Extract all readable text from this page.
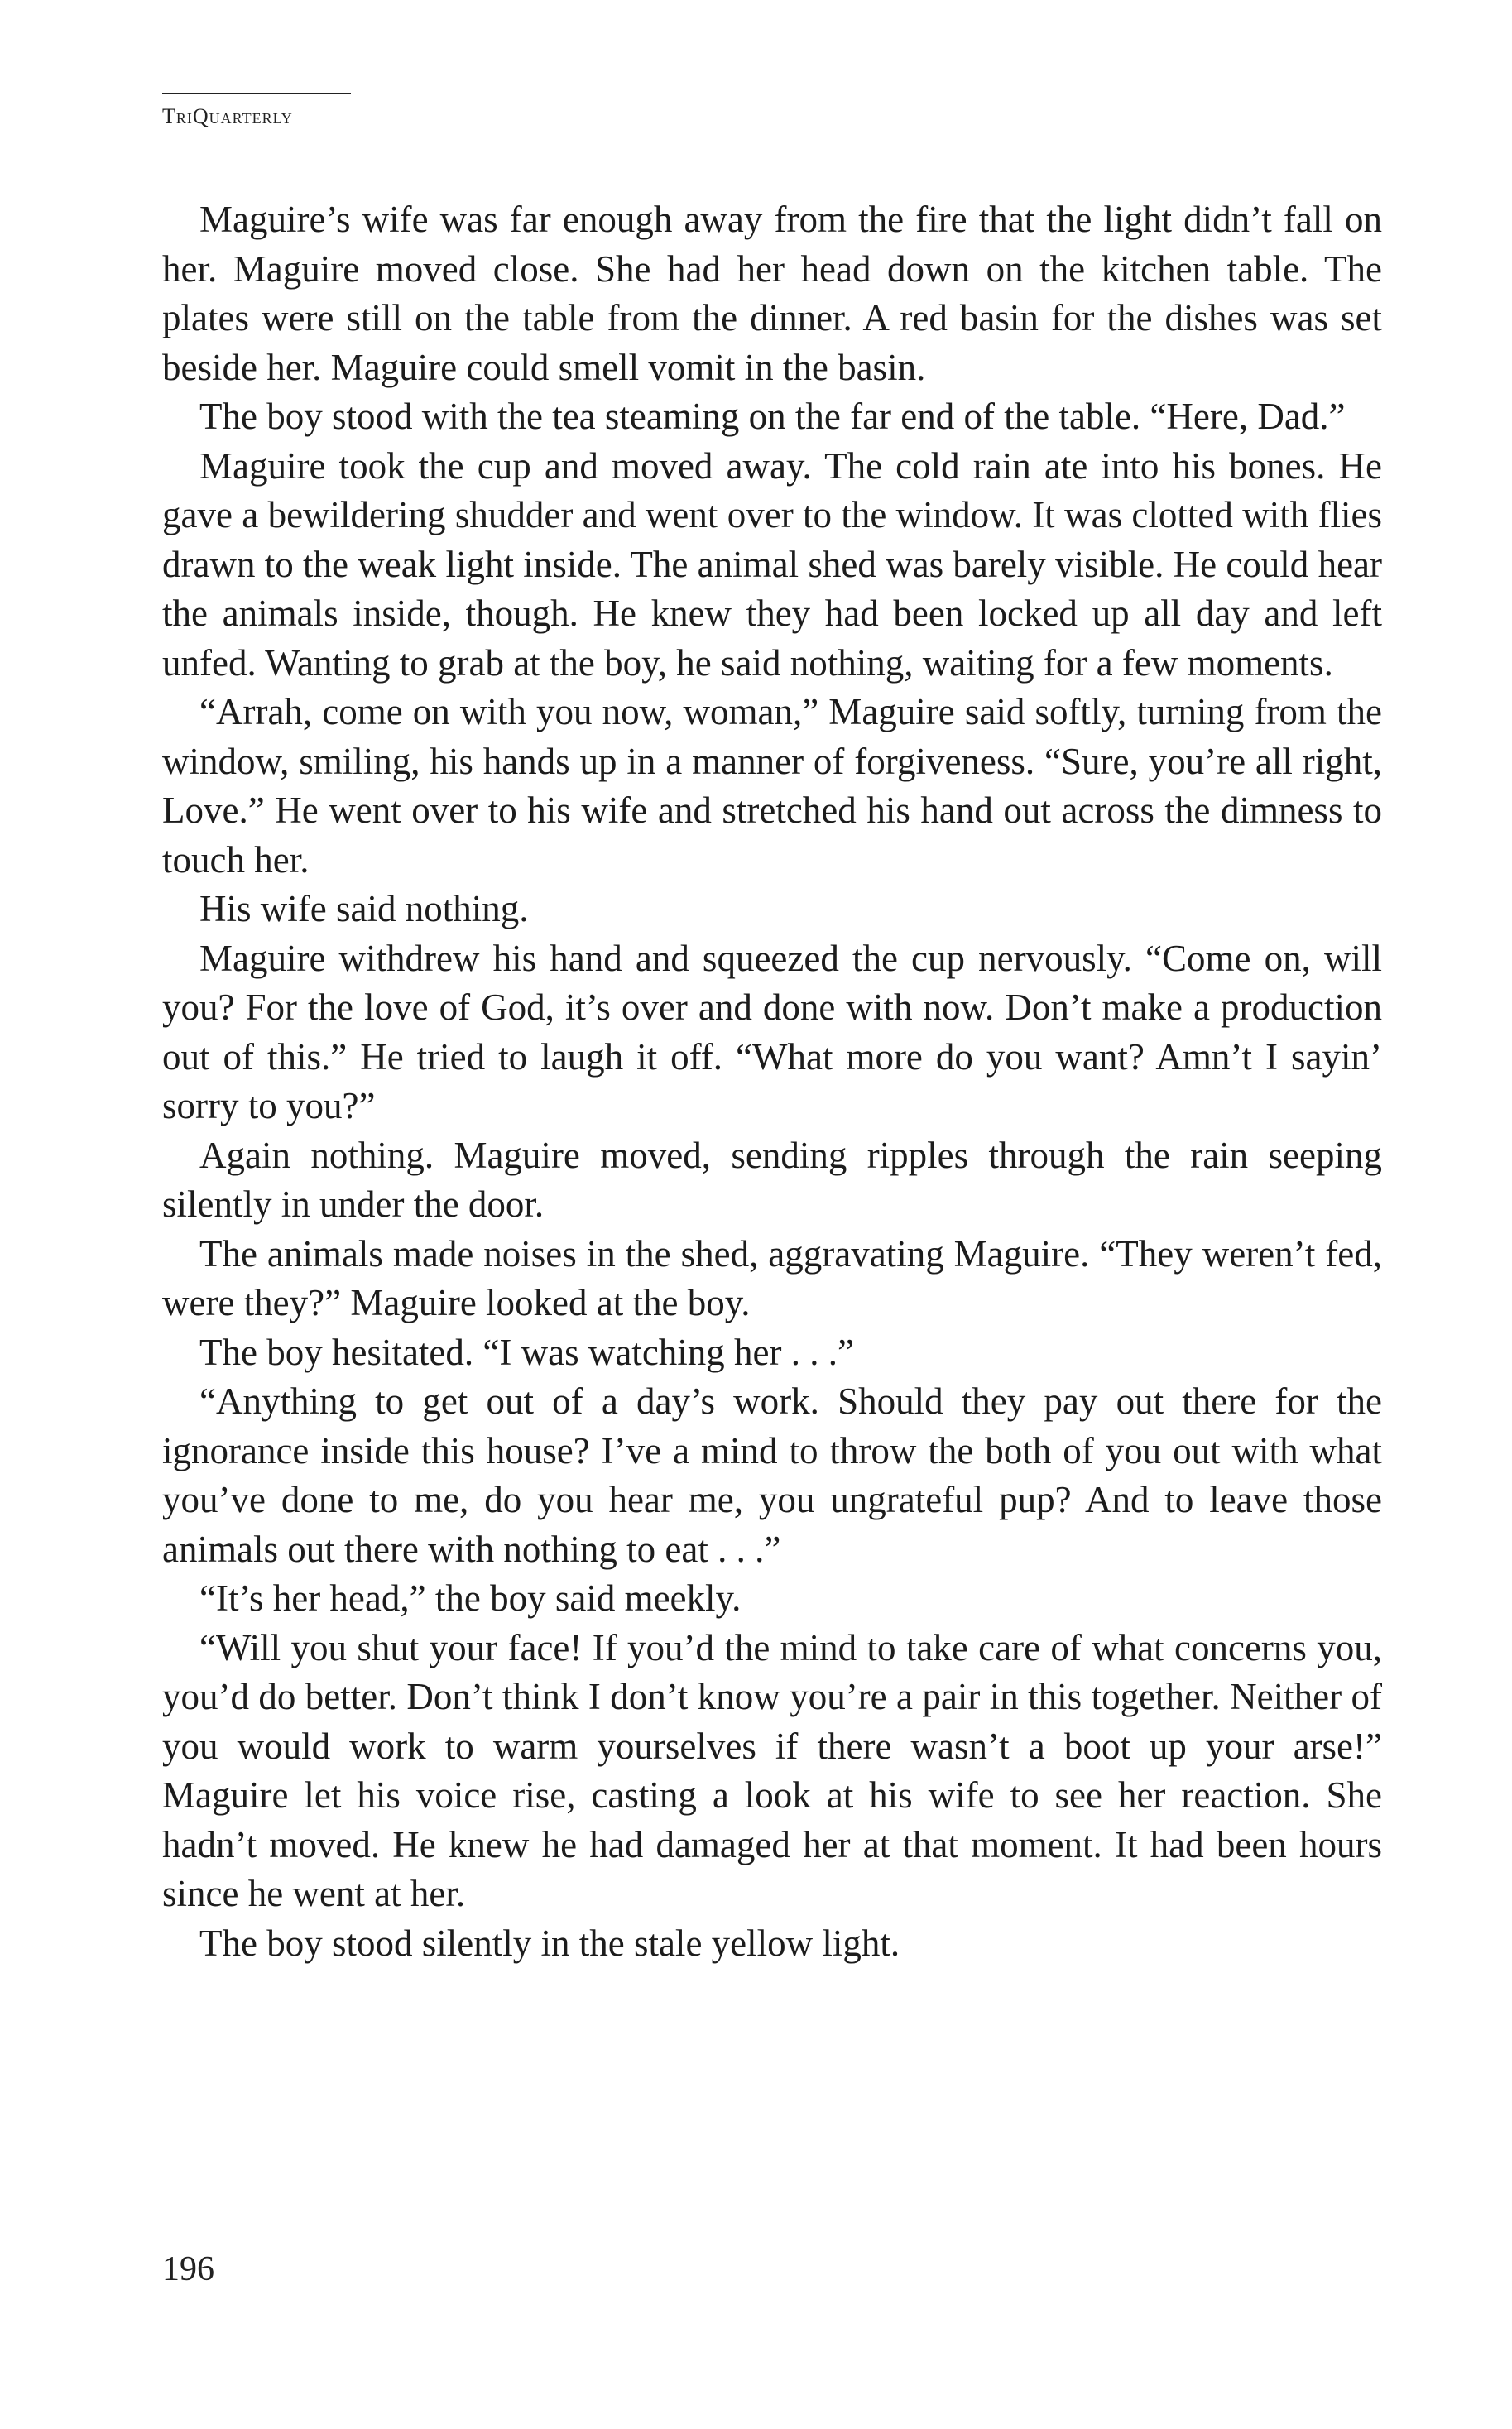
TriQuarterly

Maguire’s wife was far enough away from the fire that the light didn’t fall on her. Maguire moved close. She had her head down on the kitchen table. The plates were still on the table from the dinner. A red basin for the dishes was set beside her. Maguire could smell vomit in the basin.

The boy stood with the tea steaming on the far end of the table. “Here, Dad.”

Maguire took the cup and moved away. The cold rain ate into his bones. He gave a bewildering shudder and went over to the window. It was clotted with flies drawn to the weak light inside. The animal shed was barely visible. He could hear the animals inside, though. He knew they had been locked up all day and left unfed. Wanting to grab at the boy, he said nothing, waiting for a few moments.

“Arrah, come on with you now, woman,” Maguire said softly, turning from the window, smiling, his hands up in a manner of forgiveness. “Sure, you’re all right, Love.” He went over to his wife and stretched his hand out across the dimness to touch her.

His wife said nothing.

Maguire withdrew his hand and squeezed the cup nervously. “Come on, will you? For the love of God, it’s over and done with now. Don’t make a production out of this.” He tried to laugh it off. “What more do you want? Amn’t I sayin’ sorry to you?”

Again nothing. Maguire moved, sending ripples through the rain seeping silently in under the door.

The animals made noises in the shed, aggravating Maguire. “They weren’t fed, were they?” Maguire looked at the boy.

The boy hesitated. “I was watching her . . .”

“Anything to get out of a day’s work. Should they pay out there for the ignorance inside this house? I’ve a mind to throw the both of you out with what you’ve done to me, do you hear me, you ungrateful pup? And to leave those animals out there with nothing to eat . . .”

“It’s her head,” the boy said meekly.

“Will you shut your face! If you’d the mind to take care of what concerns you, you’d do better. Don’t think I don’t know you’re a pair in this together. Neither of you would work to warm yourselves if there wasn’t a boot up your arse!” Maguire let his voice rise, casting a look at his wife to see her reaction. She hadn’t moved. He knew he had damaged her at that moment. It had been hours since he went at her.

The boy stood silently in the stale yellow light.

196
